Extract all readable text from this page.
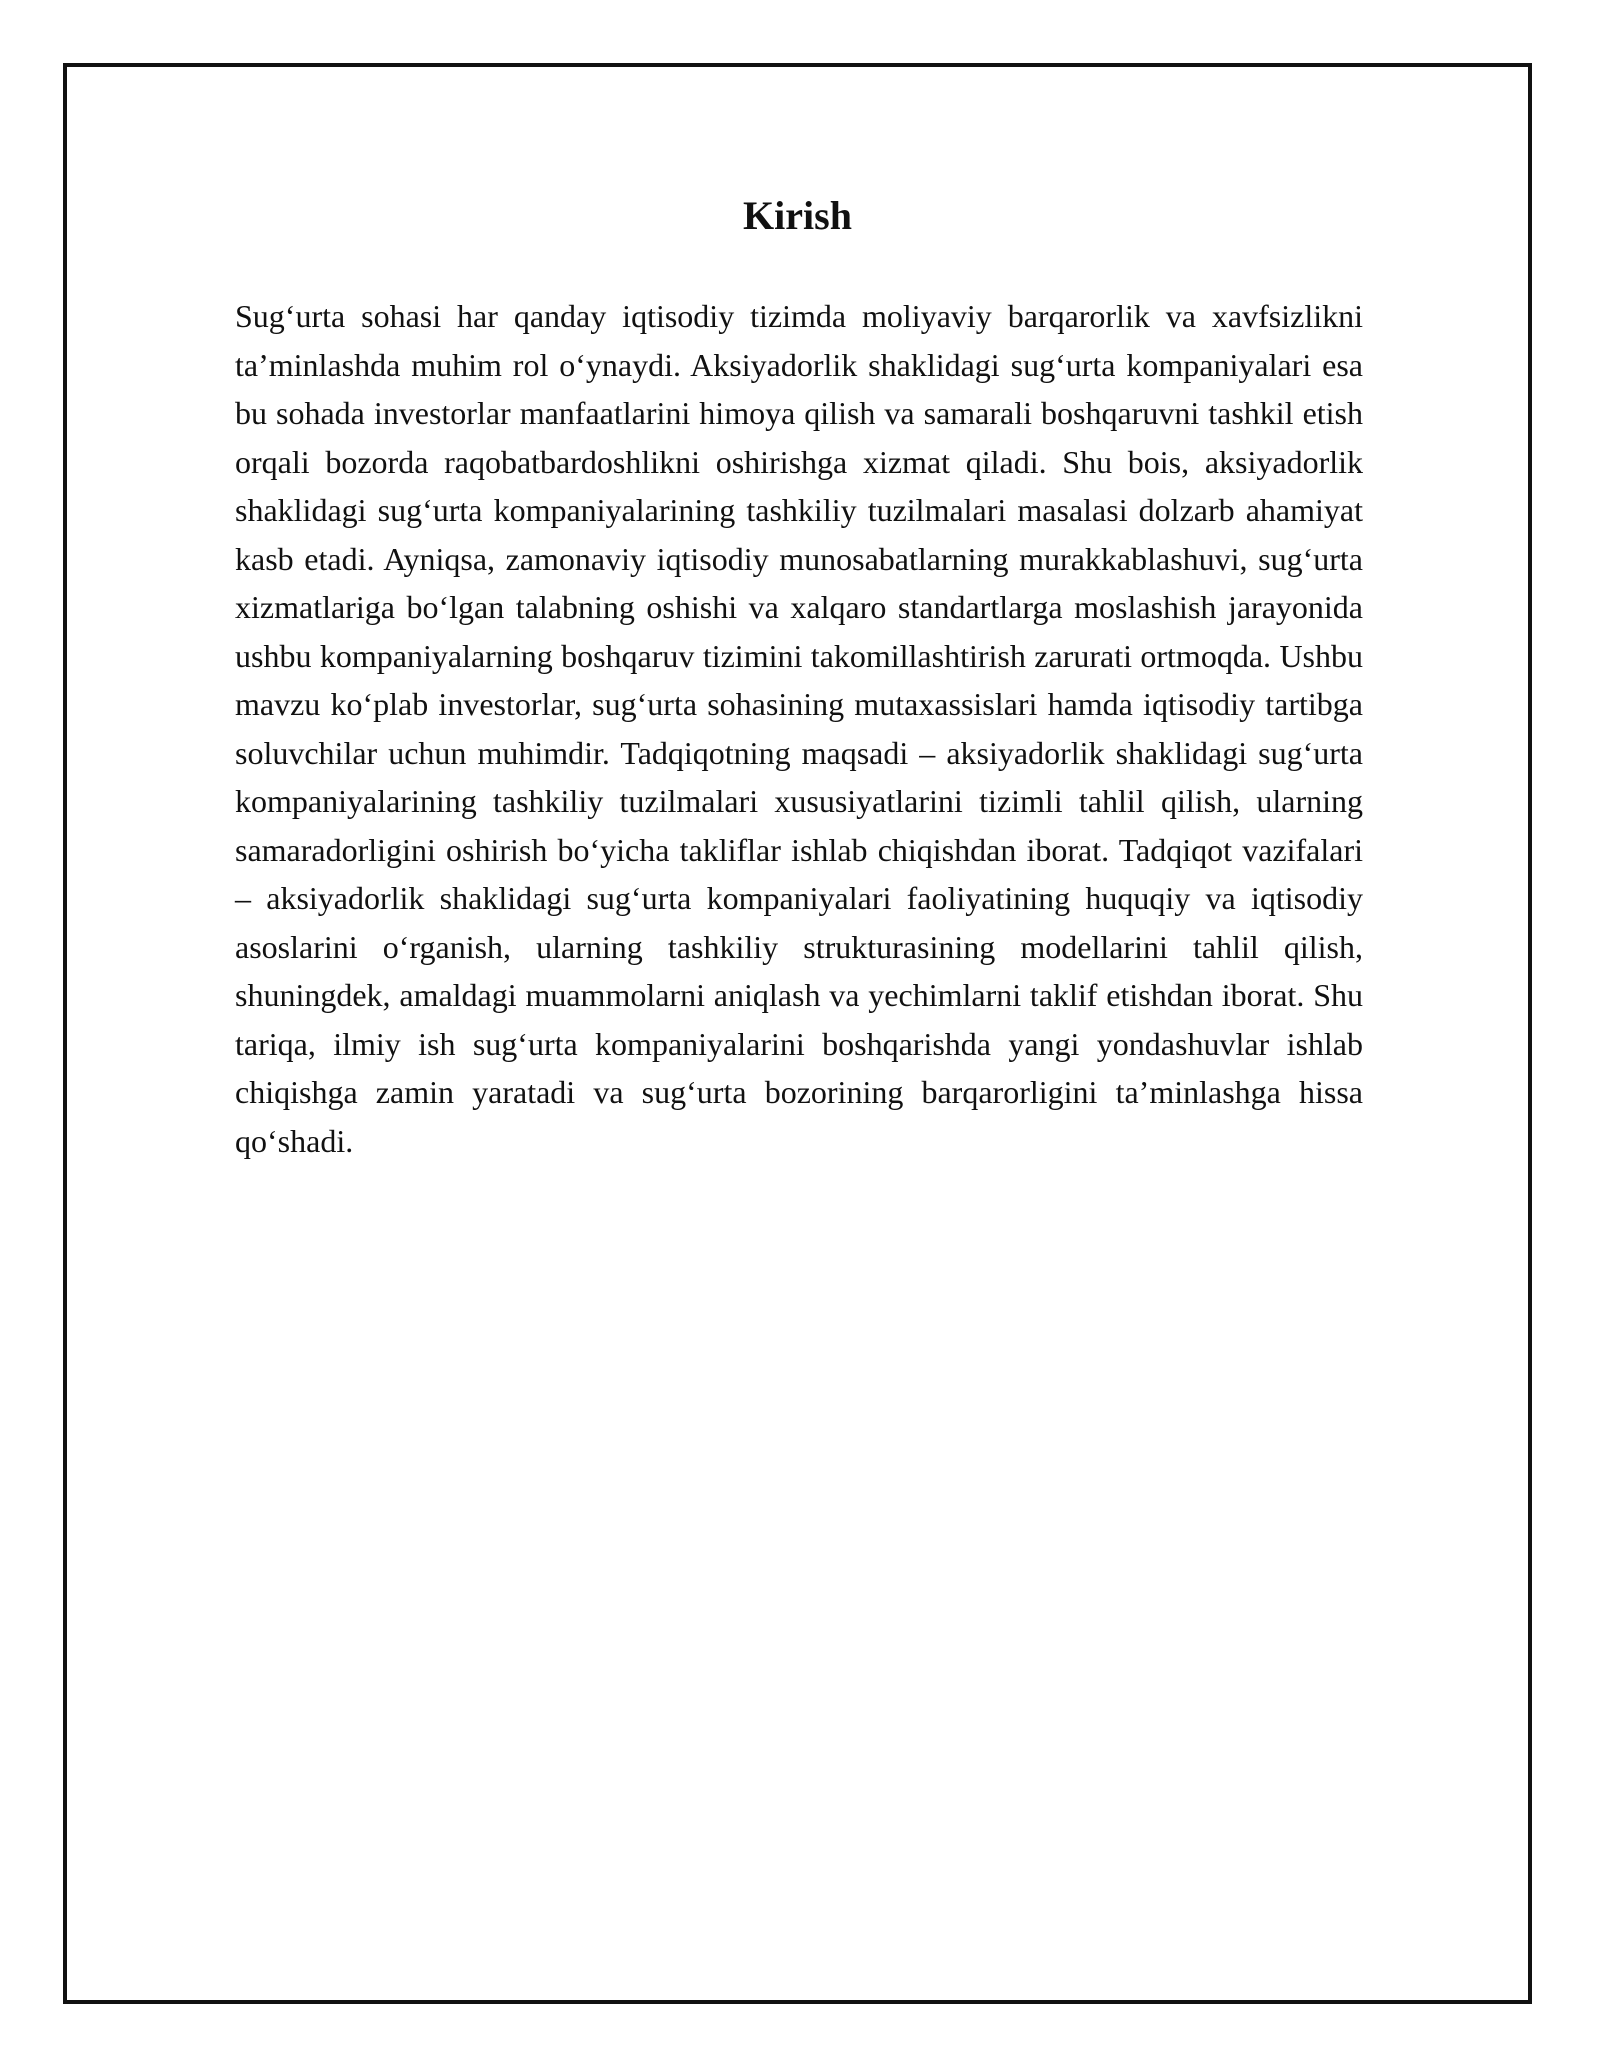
Kirish

Sug‘urta sohasi har qanday iqtisodiy tizimda moliyaviy barqarorlik va xavfsizlikni ta’minlashda muhim rol o‘ynaydi. Aksiyadorlik shaklidagi sug‘urta kompaniyalari esa bu sohada investorlar manfaatlarini himoya qilish va samarali boshqaruvni tashkil etish orqali bozorda raqobatbardoshlikni oshirishga xizmat qiladi. Shu bois, aksiyadorlik shaklidagi sug‘urta kompaniyalarining tashkiliy tuzilmalari masalasi dolzarb ahamiyat kasb etadi. Ayniqsa, zamonaviy iqtisodiy munosabatlarning murakkablashuvi, sug‘urta xizmatlariga bo‘lgan talabning oshishi va xalqaro standartlarga moslashish jarayonida ushbu kompaniyalarning boshqaruv tizimini takomillashtirish zarurati ortmoqda. Ushbu mavzu ko‘plab investorlar, sug‘urta sohasining mutaxassislari hamda iqtisodiy tartibga soluvchilar uchun muhimdir. Tadqiqotning maqsadi – aksiyadorlik shaklidagi sug‘urta kompaniyalarining tashkiliy tuzilmalari xususiyatlarini tizimli tahlil qilish, ularning samaradorligini oshirish bo‘yicha takliflar ishlab chiqishdan iborat. Tadqiqot vazifalari – aksiyadorlik shaklidagi sug‘urta kompaniyalari faoliyatining huquqiy va iqtisodiy asoslarini o‘rganish, ularning tashkiliy strukturasining modellarini tahlil qilish, shuningdek, amaldagi muammolarni aniqlash va yechimlarni taklif etishdan iborat. Shu tariqa, ilmiy ish sug‘urta kompaniyalarini boshqarishda yangi yondashuvlar ishlab chiqishga zamin yaratadi va sug‘urta bozorining barqarorligini ta’minlashga hissa qo‘shadi.
